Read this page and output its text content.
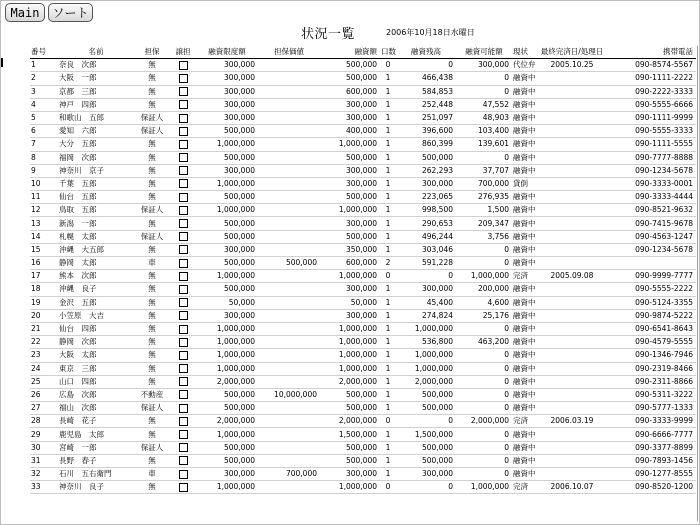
Main	ソート
状況一覧	2006年10月18日水曜日
番号	名前	担保	譲担	融資限度額	担保価値	融資額	口数	融資残高	融資可能額	現状	最終完済日/処理日	携帯電話
1	奈良　次郎	無		300,000		500,000	0	0	300,000	代位弁	2005.10.25	090-8574-5567
2	大阪　一郎	無		300,000		500,000	1	466,438	0	融資中		090-1111-2222
3	京都　三郎	無		300,000		600,000	1	584,853	0	融資中		090-2222-3333
4	神戸　四郎	無		300,000		300,000	1	252,448	47,552	融資中		090-5555-6666
5	和歌山　五郎	保証人		300,000		300,000	1	251,097	48,903	融資中		090-1111-9999
6	愛知　六郎	保証人		500,000		400,000	1	396,600	103,400	融資中		090-5555-3333
7	大分　五郎	無		1,000,000		1,000,000	1	860,399	139,601	融資中		090-1111-5555
8	福岡　次郎	無		500,000		500,000	1	500,000	0	融資中		090-7777-8888
9	神奈川　京子	無		300,000		300,000	1	262,293	37,707	融資中		090-1234-5678
10	千葉　五郎	無		1,000,000		300,000	1	300,000	700,000	貸倒		090-3333-0001
11	仙台　五郎	無		500,000		500,000	1	223,065	276,935	融資中		090-3333-4444
12	鳥取　五郎	保証人		1,000,000		1,000,000	1	998,500	1,500	融資中		090-8521-9632
13	新潟　一郎	無		500,000		300,000	1	290,653	209,347	融資中		090-7415-9678
14	札幌　太郎	保証人		500,000		500,000	1	496,244	3,756	融資中		090-4563-1247
15	沖縄　大五郎	無		300,000		350,000	1	303,046	0	融資中		090-1234-5678
16	静岡　太郎	車		500,000	500,000	600,000	2	591,228	0	融資中		
17	熊本　次郎	無		1,000,000		1,000,000	0	0	1,000,000	完済	2005.09.08	090-9999-7777
18	沖縄　良子	無		500,000		300,000	1	300,000	200,000	融資中		090-5555-2222
19	金沢　五郎	無		50,000		50,000	1	45,400	4,600	融資中		090-5124-3355
20	小笠原　大吉	無		300,000		300,000	1	274,824	25,176	融資中		090-9874-5222
21	仙台　四郎	無		1,000,000		1,000,000	1	1,000,000	0	融資中		090-6541-8643
22	静岡　次郎	無		1,000,000		1,000,000	1	536,800	463,200	融資中		090-4579-5555
23	大阪　太郎	無		1,000,000		1,000,000	1	1,000,000	0	融資中		090-1346-7946
24	東京　三郎	無		1,000,000		1,000,000	1	1,000,000	0	融資中		090-2319-8466
25	山口　四郎	無		2,000,000		2,000,000	1	2,000,000	0	融資中		090-2311-8866
26	広島　次郎	不動産		500,000	10,000,000	500,000	1	500,000	0	融資中		090-5311-3222
27	福山　次郎	保証人		500,000		500,000	1	500,000	0	融資中		090-5777-1333
28	長崎　花子	無		2,000,000		2,000,000	0	0	2,000,000	完済	2006.03.19	090-3333-9999
29	鹿児島　太郎	無		1,000,000		1,500,000	1	1,500,000	0	融資中		090-6666-7777
30	宮崎　一郎	保証人		500,000		500,000	1	500,000	0	融資中		090-3377-8899
31	長野　春子	無		500,000		500,000	1	500,000	0	融資中		090-7893-1456
32	石川　五右衛門	車		300,000	700,000	300,000	1	300,000	0	融資中		090-1277-8555
33	神奈川　良子	無		1,000,000		1,000,000	0	0	1,000,000	完済	2006.10.07	090-8520-1200
